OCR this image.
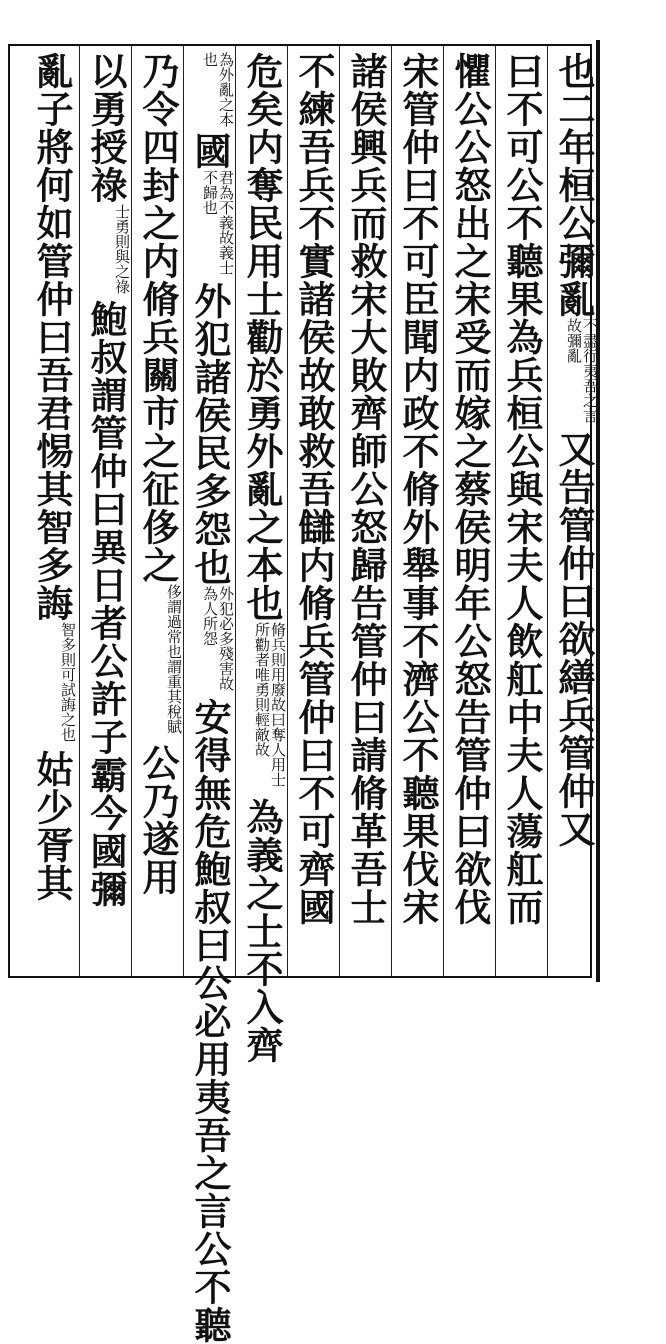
也二年桓公彌亂不盡行夷吾之言故彌亂又告管仲曰欲繕兵管仲又
曰不可公不聽果為兵桓公與宋夫人飲舡中夫人蕩舡而
懼公公怒出之宋受而嫁之蔡侯明年公怒告管仲曰欲伐
宋管仲曰不可臣聞内政不脩外舉事不濟公不聽果伐宋
諸侯興兵而救宋大敗齊師公怒歸告管仲曰請脩革吾士
不練吾兵不實諸侯故敢救吾讎内脩兵管仲曰不可齊國
危矣内奪民用士勸於勇外亂之本也脩兵則用廢故曰奪人用士所勸者唯勇則輕敵故為義之士不入齊
為外亂之本也國君為不義故義士不歸也外犯諸侯民多怨也外犯必多殘害故為人所怨安得無危鮑叔曰公必用夷吾之言公不聽
乃令四封之内脩兵關市之征侈之侈謂過常也謂重其稅賦公乃遂用
以勇授祿士勇則與之祿鮑叔謂管仲曰異日者公許子霸今國彌
亂子將何如管仲曰吾君惕其智多誨智多則可試誨之也姑少胥其
